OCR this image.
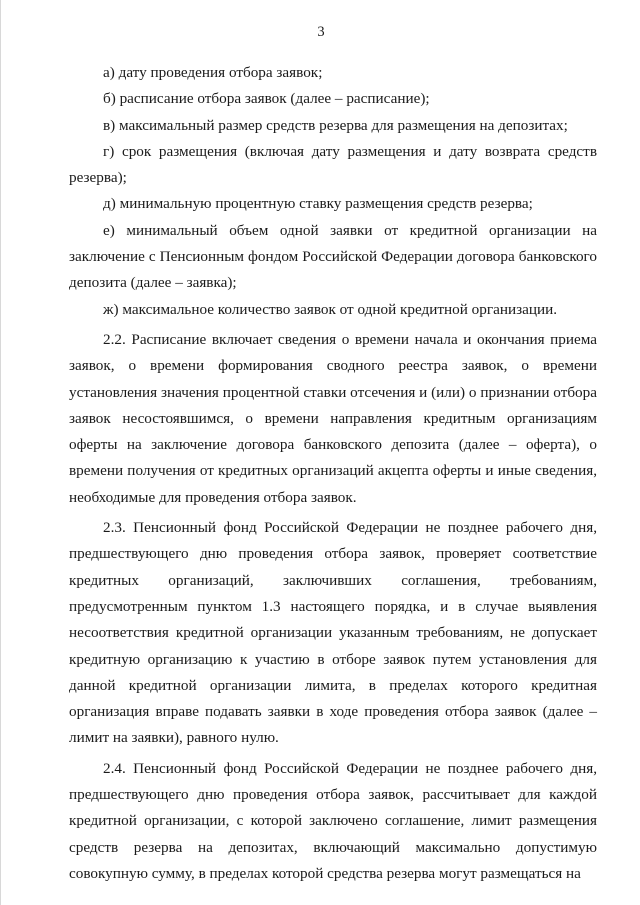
3

а) дату проведения отбора заявок;

б) расписание отбора заявок (далее – расписание);

в) максимальный размер средств резерва для размещения на депозитах;

г) срок размещения (включая дату размещения и дату возврата средств резерва);

д) минимальную процентную ставку размещения средств резерва;

е) минимальный объем одной заявки от кредитной организации на заключение с Пенсионным фондом Российской Федерации договора банковского депозита (далее – заявка);

ж) максимальное количество заявок от одной кредитной организации.

2.2. Расписание включает сведения о времени начала и окончания приема заявок, о времени формирования сводного реестра заявок, о времени установления значения процентной ставки отсечения и (или) о признании отбора заявок несостоявшимся, о времени направления кредитным организациям оферты на заключение договора банковского депозита (далее – оферта), о времени получения от кредитных организаций акцепта оферты и иные сведения, необходимые для проведения отбора заявок.

2.3. Пенсионный фонд Российской Федерации не позднее рабочего дня, предшествующего дню проведения отбора заявок, проверяет соответствие кредитных организаций, заключивших соглашения, требованиям, предусмотренным пунктом 1.3 настоящего порядка, и в случае выявления несоответствия кредитной организации указанным требованиям, не допускает кредитную организацию к участию в отборе заявок путем установления для данной кредитной организации лимита, в пределах которого кредитная организация вправе подавать заявки в ходе проведения отбора заявок (далее – лимит на заявки), равного нулю.

2.4. Пенсионный фонд Российской Федерации не позднее рабочего дня, предшествующего дню проведения отбора заявок, рассчитывает для каждой кредитной организации, с которой заключено соглашение, лимит размещения средств резерва на депозитах, включающий максимально допустимую совокупную сумму, в пределах которой средства резерва могут размещаться на
